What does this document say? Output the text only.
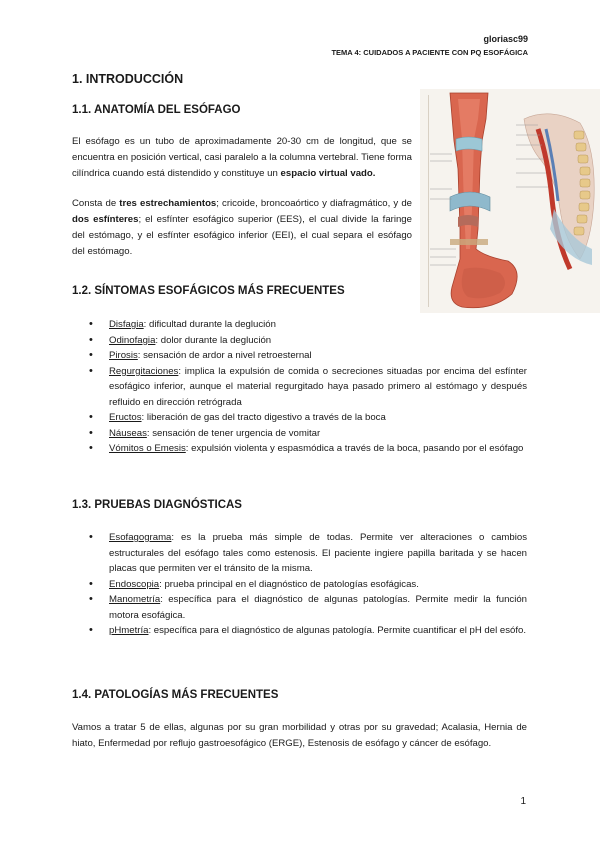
gloriasc99
TEMA 4: CUIDADOS A PACIENTE CON PQ ESOFÁGICA
1. INTRODUCCIÓN
1.1. ANATOMÍA DEL ESÓFAGO
El esófago es un tubo de aproximadamente 20-30 cm de longitud, que se encuentra en posición vertical, casi paralelo a la columna vertebral. Tiene forma cilíndrica cuando está distendido y constituye un espacio virtual vado.
Consta de tres estrechamientos; cricoide, broncoaórtico y diafragmático, y de dos esfínteres; el esfínter esofágico superior (EES), el cual divide la faringe del estómago, y el esfínter esofágico inferior (EEI), el cual separa el esófago del estómago.
1.2. SÍNTOMAS ESOFÁGICOS MÁS FRECUENTES
• Disfagia: dificultad durante la deglución
• Odinofagia: dolor durante la deglución
• Pirosis: sensación de ardor a nivel retroesternal
• Regurgitaciones: implica la expulsión de comida o secreciones situadas por encima del esfínter esofágico inferior, aunque el material regurgitado haya pasado primero al estómago y después refluido en dirección retrógrada
• Eructos: liberación de gas del tracto digestivo a través de la boca
• Náuseas: sensación de tener urgencia de vomitar
• Vómitos o Emesis: expulsión violenta y espasmódica a través de la boca, pasando por el esófago
1.3. PRUEBAS DIAGNÓSTICAS
• Esofagograma: es la prueba más simple de todas. Permite ver alteraciones o cambios estructurales del esófago tales como estenosis. El paciente ingiere papilla baritada y se hacen placas que permiten ver el tránsito de la misma.
• Endoscopia: prueba principal en el diagnóstico de patologías esofágicas.
• Manometría: específica para el diagnóstico de algunas patologías. Permite medir la función motora esofágica.
• pHmetría: específica para el diagnóstico de algunas patología. Permite cuantificar el pH del esófo.
1.4. PATOLOGÍAS MÁS FRECUENTES
Vamos a tratar 5 de ellas, algunas por su gran morbilidad y otras por su gravedad; Acalasia, Hernia de hiato, Enfermedad por reflujo gastroesofágico (ERGE), Estenosis de esófago y cáncer de esófago.
1
